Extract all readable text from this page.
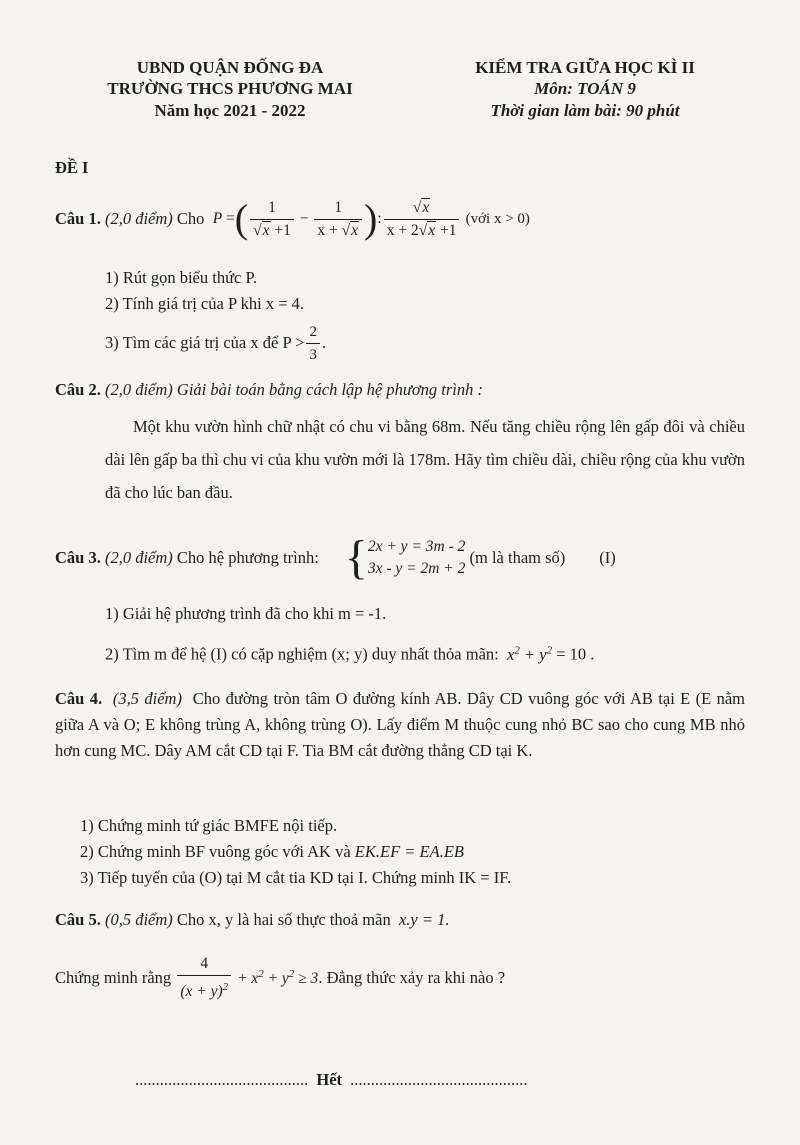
UBND QUẬN ĐỐNG ĐA
TRƯỜNG THCS PHƯƠNG MAI
Năm học 2021 - 2022
KIỂM TRA GIỮA HỌC KÌ II
Môn: TOÁN 9
Thời gian làm bài: 90 phút
ĐỀ I
Câu 1.
(2,0 điểm)
Cho
P = ( $\frac{1}{√x +1} - \frac{1}{x + √x}$ ) : $\frac{√x}{x + 2√x +1}$
(với x > 0)
1) Rút gọn biểu thức P.
2) Tính giá trị của P khi x = 4.
3) Tìm các giá trị của x để $P > \frac{2}{3}$ .
Câu 2. (2,0 điểm) Giải bài toán bằng cách lập hệ phương trình :
Một khu vườn hình chữ nhật có chu vi bằng 68m. Nếu tăng chiều rộng lên gấp đôi và chiều dài lên gấp ba thì chu vi của khu vườn mới là 178m. Hãy tìm chiều dài, chiều rộng của khu vườn đã cho lúc ban đầu.
Câu 3.
(2,0 điểm)
Cho hệ phương trình: { 2x + y = 3m - 2
3x - y = 2m + 2

(m là tham số) (I)
1) Giải hệ phương trình đã cho khi m = -1.
2) Tìm m để hệ (I) có cặp nghiệm (x; y) duy nhất thỏa mãn: $x^2 + y^2 = 10$ .
Câu 4. (3,5 điểm) Cho đường tròn tâm O đường kính AB. Dây CD vuông góc với AB tại E (E nằm giữa A và O; E không trùng A, không trùng O). Lấy điểm M thuộc cung nhỏ BC sao cho cung MB nhỏ hơn cung MC. Dây AM cắt CD tại F. Tia BM cắt đường thẳng CD tại K.
1) Chứng minh tứ giác BMFE nội tiếp.
2) Chứng minh BF vuông góc với AK và EK.EF = EA.EB
3) Tiếp tuyến của (O) tại M cắt tia KD tại I. Chứng minh IK = IF.
Câu 5. (0,5 điểm) Cho x, y là hai số thực thoả mãn x.y = 1.
Chứng minh rằng
$\frac{4}{(x + y)^2} + x^2 + y^2 \ge 3$ . Đẳng thức xảy ra khi nào ?
.......................................... Hết ...........................................
